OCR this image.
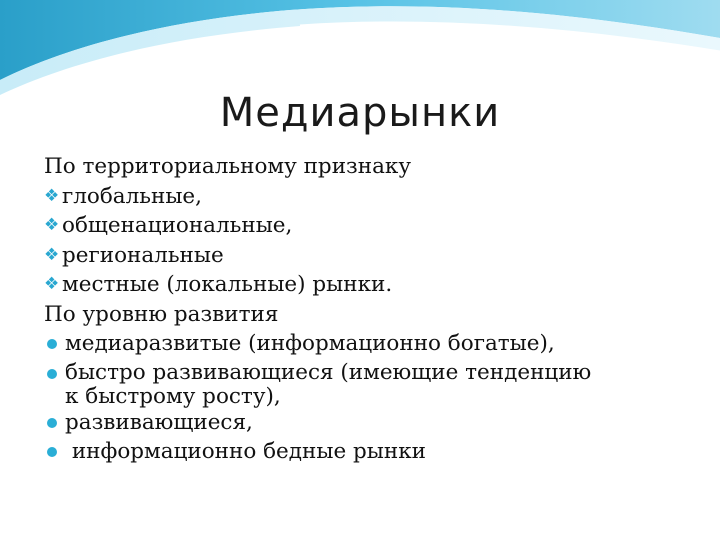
Медиарынки
По территориальному признаку
❖ глобальные,
❖ общенациональные,
❖ региональные
❖ местные (локальные) рынки.
По уровню развития
медиаразвитые (информационно богатые),
быстро развивающиеся (имеющие тенденцию
к быстрому росту),
развивающиеся,
информационно бедные рынки
